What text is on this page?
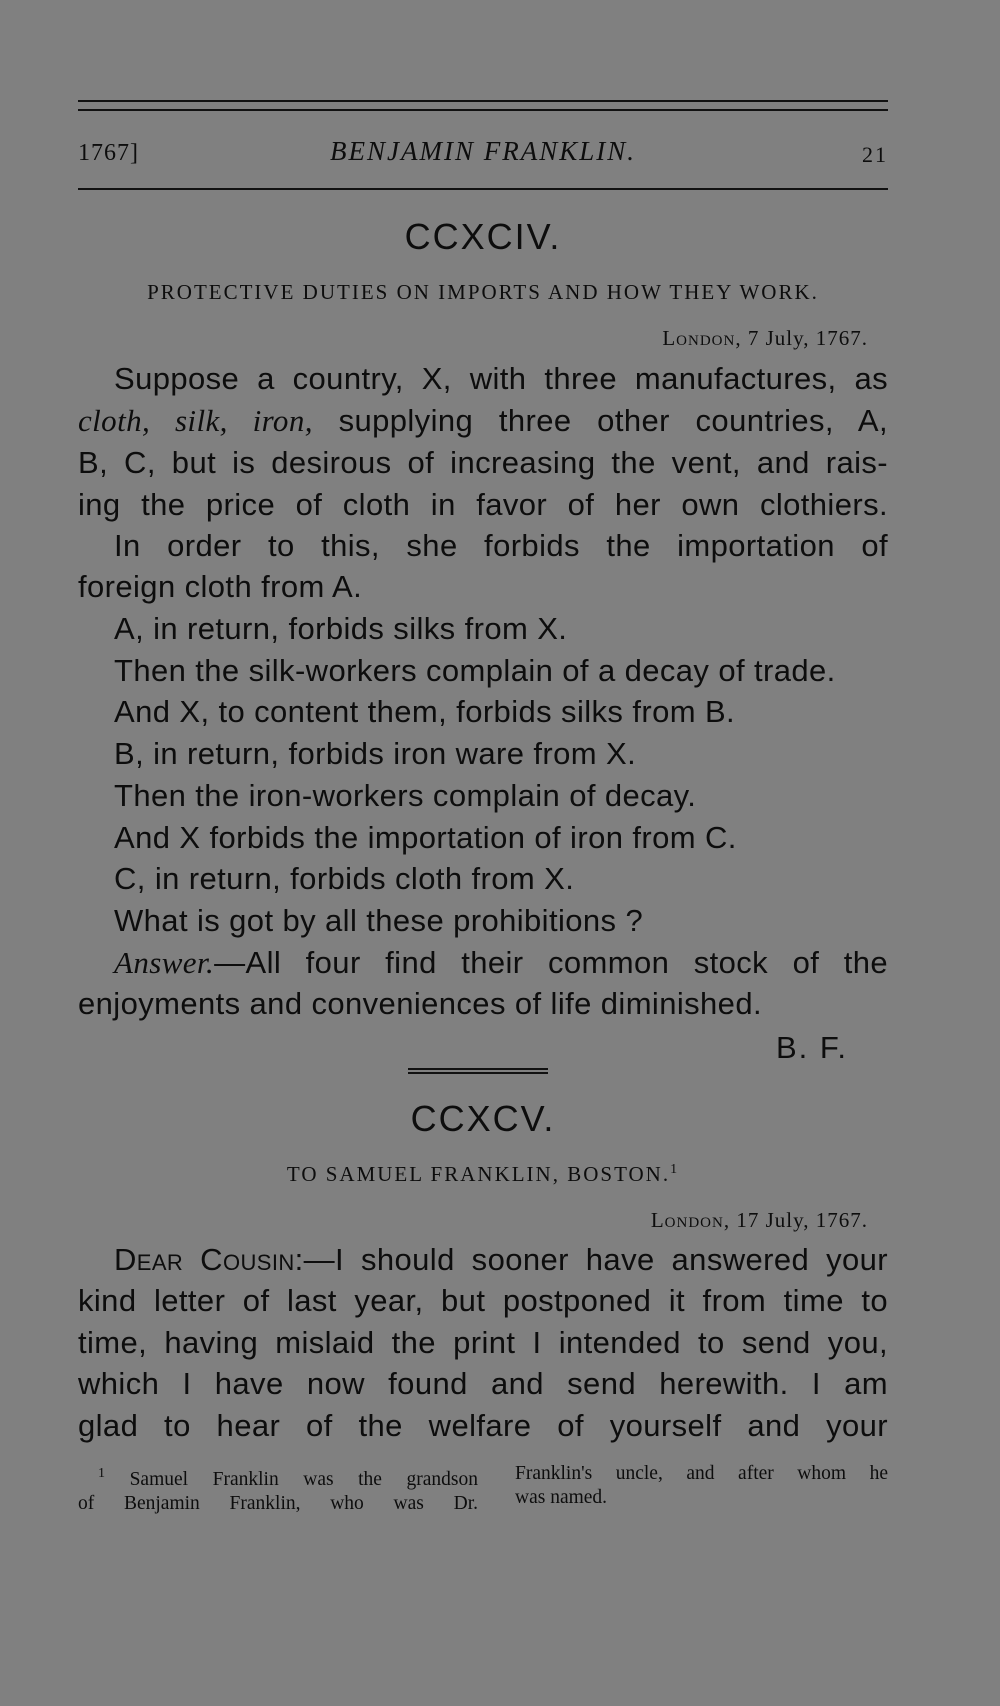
1767]	BENJAMIN FRANKLIN.	21
CCXCIV.
PROTECTIVE DUTIES ON IMPORTS AND HOW THEY WORK.
London, 7 July, 1767.
Suppose a country, X, with three manufactures, as
cloth, silk, iron, supplying three other countries, A,
B, C, but is desirous of increasing the vent, and rais-
ing the price of cloth in favor of her own clothiers.
In order to this, she forbids the importation of
foreign cloth from A.
A, in return, forbids silks from X.
Then the silk-workers complain of a decay of trade.
And X, to content them, forbids silks from B.
B, in return, forbids iron ware from X.
Then the iron-workers complain of decay.
And X forbids the importation of iron from C.
C, in return, forbids cloth from X.
What is got by all these prohibitions ?
Answer.—All four find their common stock of the
enjoyments and conveniences of life diminished.
B. F.
CCXCV.
TO SAMUEL FRANKLIN, BOSTON.$^1$
London, 17 July, 1767.
Dear Cousin:—I should sooner have answered your
kind letter of last year, but postponed it from time to
time, having mislaid the print I intended to send you,
which I have now found and send herewith. I am
glad to hear of the welfare of yourself and your
$^1$ Samuel Franklin was the grandson
of Benjamin Franklin, who was Dr.
Franklin's uncle, and after whom he
was named.
